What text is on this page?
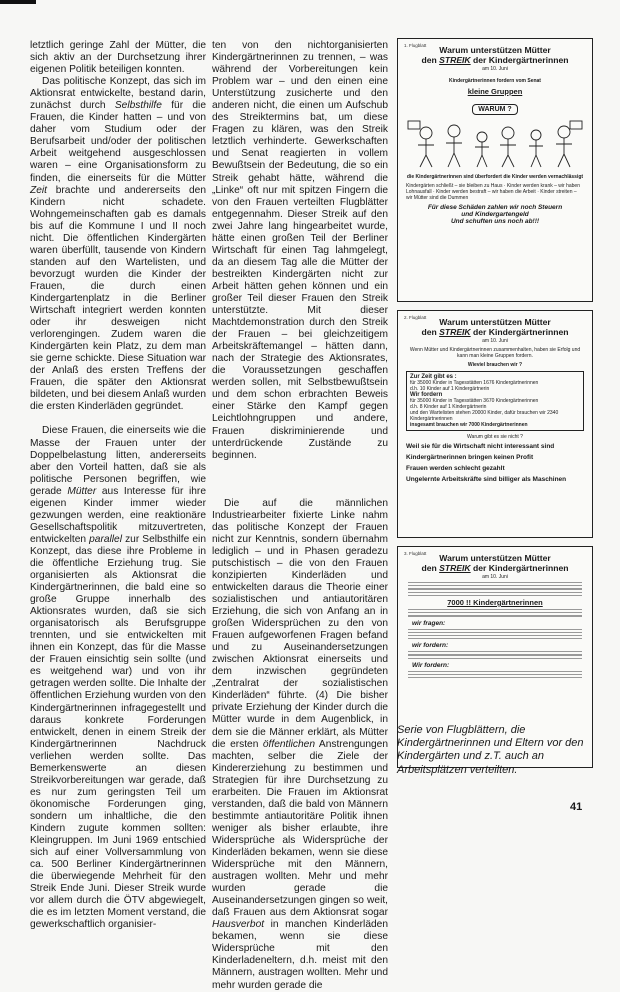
letztlich geringe Zahl der Mütter, die sich aktiv an der Durchsetzung ihrer eigenen Politik beteiligen konnten.

Das politische Konzept, das sich im Aktionsrat entwickelte, bestand darin, zunächst durch Selbsthilfe für die Frauen, die Kinder hatten – und von daher vom Studium oder der Berufsarbeit und/oder der politischen Arbeit weitgehend ausgeschlossen waren – eine Organisationsform zu finden, die einerseits für die Mütter Zeit brachte und andererseits den Kindern nicht schadete. Wohngemeinschaften gab es damals bis auf die Kommune I und II noch nicht. Die öffentlichen Kindergärten waren überfüllt, tausende von Kindern standen auf den Wartelisten, und bevorzugt wurden die Kinder der Frauen, die durch einen Kindergartenplatz in die Berliner Wirtschaft integriert werden konnten oder ihr desweigen nicht verlorengingen. Zudem waren die Kindergärten kein Platz, zu dem man sie gerne schickte. Diese Situation war der Anlaß des ersten Treffens der Frauen, die später den Aktionsrat bildeten, und bei diesem Anlaß wurden die ersten Kinderläden gegründet.

Diese Frauen, die einerseits wie die Masse der Frauen unter der Doppelbelastung litten, andererseits aber den Vorteil hatten, daß sie als politische Personen begriffen, wie gerade Mütter aus Interesse für ihre eigenen Kinder immer wieder gezwungen werden, eine reaktionäre Gesellschaftspolitik mitzuvertreten, entwickelten parallel zur Selbsthilfe ein Konzept, das diese ihre Probleme in die öffentliche Erziehung trug. Sie organisierten als Aktionsrat die Kindergärtnerinnen, die bald eine so große Gruppe innerhalb des Aktionsrates wurden, daß sie sich organisatorisch als Berufsgruppe trennten, und sie entwickelten mit ihnen ein Konzept, das für die Masse der Frauen einsichtig sein sollte (und es weitgehend war) und von ihr getragen werden sollte. Die Inhalte der öffentlichen Erziehung wurden von den Kindergärtnerinnen infragegestellt und daraus konkrete Forderungen entwickelt, denen in einem Streik der Kindergärtnerinnen Nachdruck verliehen werden sollte. Das Bemerkenswerte an diesen Streikvorbereitungen war gerade, daß es nur zum geringsten Teil um ökonomische Forderungen ging, sondern um inhaltliche, die den Kindern zugute kommen sollten: Kleingruppen. Im Juni 1969 entschied sich auf einer Vollversammlung von ca. 500 Berliner Kindergärtnerinnen die überwiegende Mehrheit für den Streik Ende Juni. Dieser Streik wurde vor allem durch die ÖTV abgewiegelt, die es im letzten Moment verstand, die gewerkschaftlich organisier-

ten von den nichtorganisierten Kindergärtnerinnen zu trennen, – was während der Vorbereitungen kein Problem war – und den einen eine Unterstützung zusicherte und den anderen nicht, die einen um Aufschub des Streiktermins bat, um diese Fragen zu klären, was den Streik letztlich verhinderte. Gewerkschaften und Senat reagierten in vollem Bewußtsein der Bedeutung, die so ein Streik gehabt hätte, während die „Linke“ oft nur mit spitzen Fingern die von den Frauen verteilten Flugblätter entgegennahm. Dieser Streik auf den zwei Jahre lang hingearbeitet wurde, hätte einen großen Teil der Berliner Wirtschaft für einen Tag lahmgelegt, da an diesem Tag alle die Mütter der bestreikten Kindergärten nicht zur Arbeit hätten gehen können und ein großer Teil dieser Frauen den Streik unterstützte. Mit dieser Machtdemonstration durch den Streik der Frauen – bei gleichzeitigem Arbeitskräftemangel – hätten dann, nach der Strategie des Aktionsrates, die Voraussetzungen geschaffen werden sollen, mit Selbstbewußtsein und dem schon erbrachten Beweis einer Stärke den Kampf gegen Leichtlohngruppen und andere, Frauen diskriminierende und unterdrückende Zustände zu beginnen.

Die auf die männlichen Industriearbeiter fixierte Linke nahm das politische Konzept der Frauen nicht zur Kenntnis, sondern übernahm lediglich – und in Phasen geradezu putschistisch – die von den Frauen konzipierten Kinderläden und entwickelten daraus die Theorie einer sozialistischen und antiautoritären Erziehung, die sich von Anfang an in großen Widersprüchen zu den von Frauen aufgeworfenen Fragen befand und zu Auseinandersetzungen zwischen Aktionsrat einerseits und dem inzwischen gegründeten „Zentralrat der sozialistischen Kinderläden“ führte. (4) Die bisher private Erziehung der Kinder durch die Mütter wurde in dem Augenblick, in dem sie die Männer erklärt, als Mütter die ersten öffentlichen Anstrengungen machten, selber die Ziele der Kindererziehung zu bestimmen und Strategien für ihre Durchsetzung zu erarbeiten. Die Frauen im Aktionsrat verstanden, daß die bald von Männern bestimmte antiautoritäre Politik ihnen weniger als bisher erlaubte, ihre Widersprüche als Widersprüche der Kinderläden bekamen, wenn sie diese Widersprüche mit den Männern, austragen wollten. Mehr und mehr wurden gerade die Auseinandersetzungen gingen so weit, daß Frauen aus dem Aktionsrat sogar Hausverbot in manchen Kinderläden bekamen, wenn sie diese Widersprüche mit den Kinderladeneltern, d.h. meist mit den Männern, austragen wollten. Mehr und mehr wurden gerade die

1. Flugblatt	Warum unterstützen Mütter
den STREIK der Kindergärtnerinnen
am 10. Juni
Kindergärtnerinnen fordern vom Senat
kleine Gruppen
WARUM ?
die Kindergärtnerinnen sind überfordert die Kinder werden vernachlässigt
Kindergärten schließt – sie bleiben zu Haus · Kinder werden krank – wir haben Lohnausfall · Kinder werden bestraft – wir haben die Arbeit · Kinder streiten – wir Mütter sind die Dummen
Für diese Schäden zahlen wir noch Steuern
und Kindergartengeld
Und schuften uns noch ab!!!
2. Flugblatt	Warum unterstützen Mütter
den STREIK der Kindergärtnerinnen
am 10. Juni
Wenn Mütter und Kindergärtnerinnen zusammenhalten, haben sie Erfolg und kann man kleine Gruppen fordern.
Wieviel brauchen wir ?
Zur Zeit gibt es :
für 35000 Kinder in Tagesstätten 1676 Kindergärtnerinnen
d.h. 10 Kinder auf 1 Kindergärtnerin
Wir fordern
für 35000 Kinder in Tagesstätten 3670 Kindergärtnerinnen
d.h. 8 Kinder auf 1 Kindergärtnerin
und den Wartelisten stehen 20000 Kinder, dafür brauchen wir 2340 Kindergärtnerinnen
insgesamt brauchen wir 7000 Kindergärtnerinnen
Warum gibt es sie nicht ?
Weil sie für die Wirtschaft nicht interessant sind
Kindergärtnerinnen bringen keinen Profit
Frauen werden schlecht gezahlt
Ungelernte Arbeitskräfte sind billiger als Maschinen
3. Flugblatt	Warum unterstützen Mütter
den STREIK der Kindergärtnerinnen
am 10. Juni
7000 !! Kindergärtnerinnen
wir fragen:
wir fordern:
Wir fordern:
Serie von Flugblättern, die Kindergärtnerinnen und Eltern vor den Kindergärten und z.T. auch an Arbeitsplätzen verteilten.
41
